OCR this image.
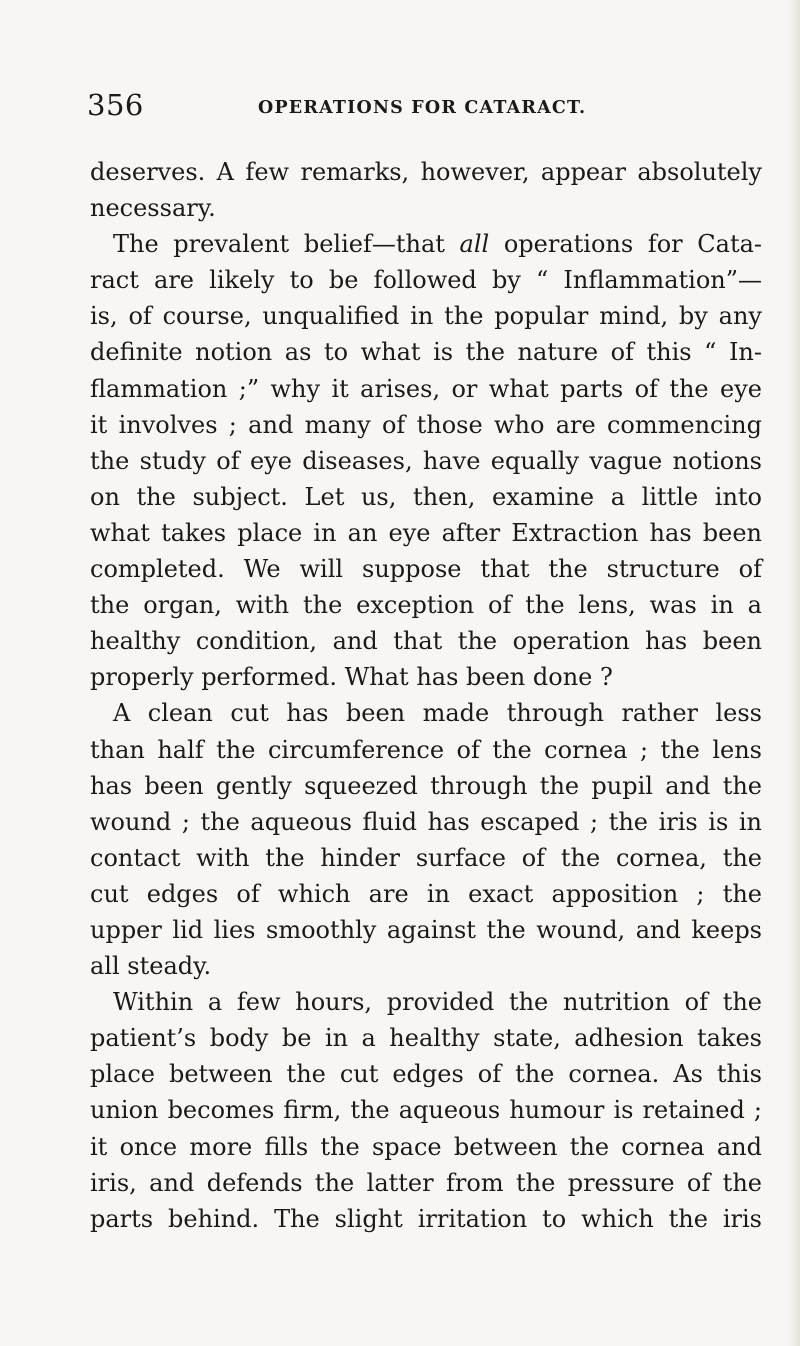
356	OPERATIONS FOR CATARACT.
deserves. A few remarks, however, appear absolutely
necessary.
The prevalent belief—that all operations for Cata-
ract are likely to be followed by “ Inflammation”—
is, of course, unqualified in the popular mind, by any
definite notion as to what is the nature of this “ In-
flammation ;” why it arises, or what parts of the eye
it involves ; and many of those who are commencing
the study of eye diseases, have equally vague notions
on the subject. Let us, then, examine a little into
what takes place in an eye after Extraction has been
completed. We will suppose that the structure of
the organ, with the exception of the lens, was in a
healthy condition, and that the operation has been
properly performed. What has been done ?
A clean cut has been made through rather less
than half the circumference of the cornea ; the lens
has been gently squeezed through the pupil and the
wound ; the aqueous fluid has escaped ; the iris is in
contact with the hinder surface of the cornea, the
cut edges of which are in exact apposition ; the
upper lid lies smoothly against the wound, and keeps
all steady.
Within a few hours, provided the nutrition of the
patient’s body be in a healthy state, adhesion takes
place between the cut edges of the cornea. As this
union becomes firm, the aqueous humour is retained ;
it once more fills the space between the cornea and
iris, and defends the latter from the pressure of the
parts behind. The slight irritation to which the iris
